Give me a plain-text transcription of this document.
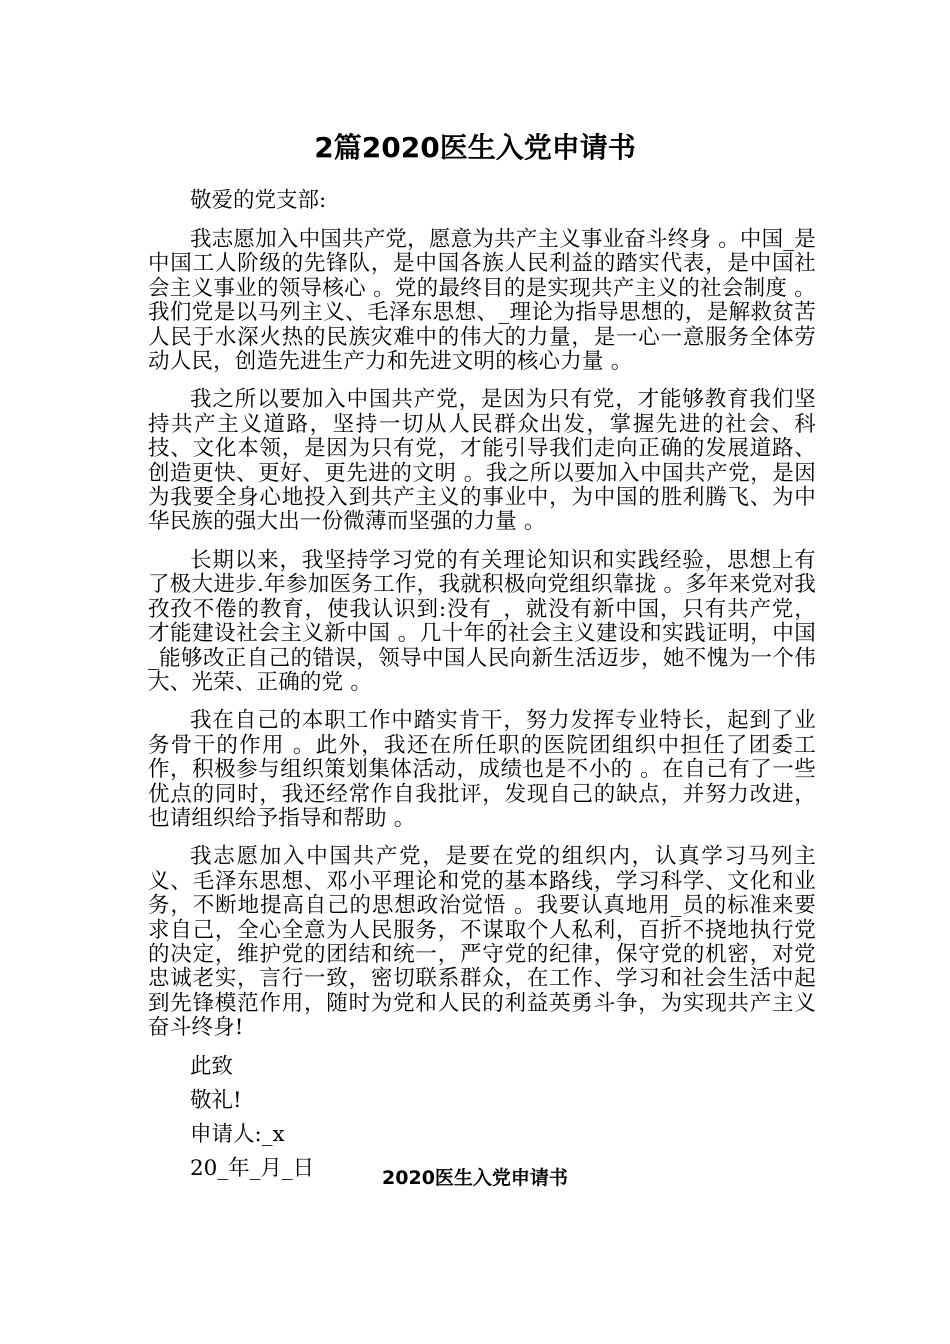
2篇2020医生入党申请书

敬爱的党支部:

我志愿加入中国共产党，愿意为共产主义事业奋斗终身 。中国_是中国工人阶级的先锋队，是中国各族人民利益的踏实代表，是中国社会主义事业的领导核心 。党的最终目的是实现共产主义的社会制度 。我们党是以马列主义、毛泽东思想、_理论为指导思想的，是解救贫苦人民于水深火热的民族灾难中的伟大的力量，是一心一意服务全体劳动人民，创造先进生产力和先进文明的核心力量 。

我之所以要加入中国共产党，是因为只有党，才能够教育我们坚持共产主义道路，坚持一切从人民群众出发，掌握先进的社会、科技、文化本领，是因为只有党，才能引导我们走向正确的发展道路、创造更快、更好、更先进的文明 。我之所以要加入中国共产党，是因为我要全身心地投入到共产主义的事业中，为中国的胜利腾飞、为中华民族的强大出一份微薄而坚强的力量 。

长期以来，我坚持学习党的有关理论知识和实践经验，思想上有了极大进步.年参加医务工作，我就积极向党组织靠拢 。多年来党对我孜孜不倦的教育，使我认识到:没有_，就没有新中国，只有共产党，才能建设社会主义新中国 。几十年的社会主义建设和实践证明，中国_能够改正自己的错误，领导中国人民向新生活迈步，她不愧为一个伟大、光荣、正确的党 。

我在自己的本职工作中踏实肯干，努力发挥专业特长，起到了业务骨干的作用 。此外，我还在所任职的医院团组织中担任了团委工作，积极参与组织策划集体活动，成绩也是不小的 。在自己有了一些优点的同时，我还经常作自我批评，发现自己的缺点，并努力改进，也请组织给予指导和帮助 。

我志愿加入中国共产党，是要在党的组织内，认真学习马列主义、毛泽东思想、邓小平理论和党的基本路线，学习科学、文化和业务，不断地提高自己的思想政治觉悟 。我要认真地用_员的标准来要求自己，全心全意为人民服务，不谋取个人私利，百折不挠地执行党的决定，维护党的团结和统一，严守党的纪律，保守党的机密，对党忠诚老实，言行一致，密切联系群众，在工作、学习和社会生活中起到先锋模范作用，随时为党和人民的利益英勇斗争，为实现共产主义奋斗终身!

此致

敬礼!

申请人:_x

20_年_月_日	2020医生入党申请书
